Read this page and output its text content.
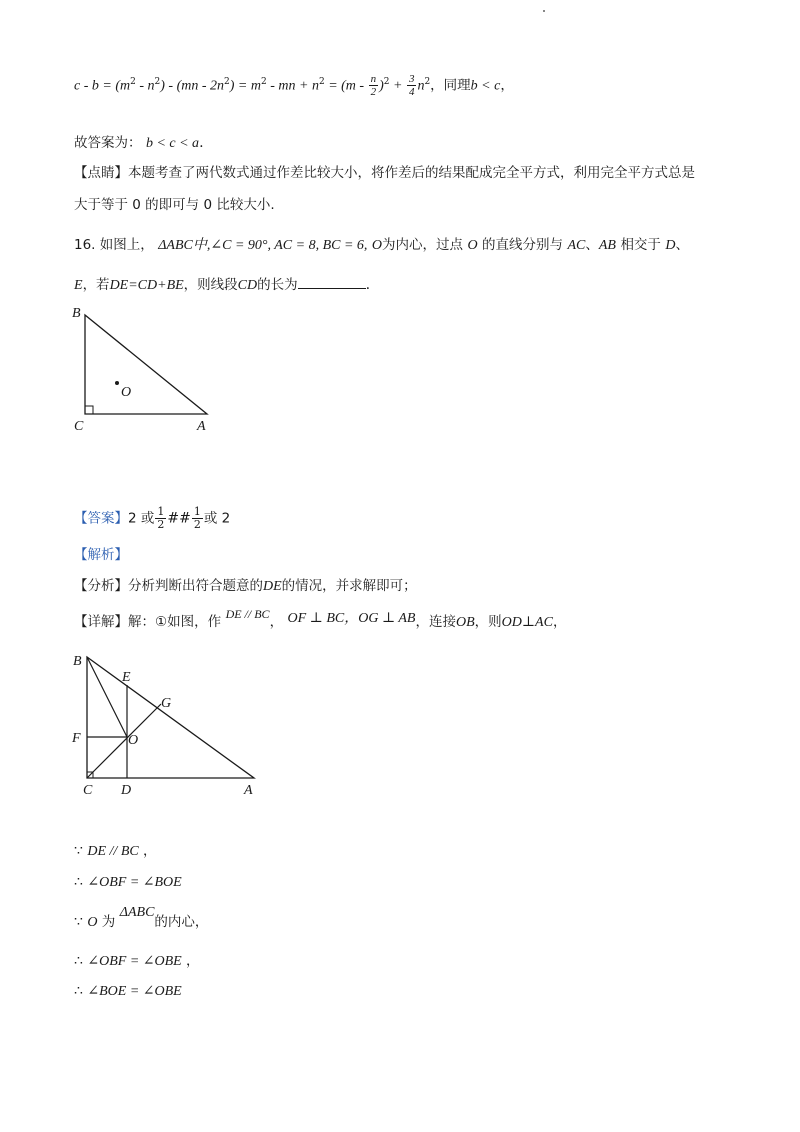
$c - b = (m^2 - n^2) - (mn - 2n^2) = m^2$ - mn + $n^2 = (m - \frac{n}{2} )^2 + \frac{3}{4} n^2$，同理b < c，
故答案为： b < c < a.
【点睛】本题考查了两代数式通过作差比较大小，将作差后的结果配成完全平方式，利用完全平方式总是
大于等于 0 的即可与 0 比较大小.
16. 如图上， ΔABC中,∠C = 90°, AC = 8, BC = 6, O为内心，过点 O 的直线分别与 AC、AB 相交于 D、
E，若DE=CD+BE，则线段CD的长为	.
B
C	A
O
【答案】2 或 $\frac{1}{2}$ ## $\frac{1}{2}$ 或 2
【解析】
【分析】分析判断出符合题意的DE的情况，并求解即可；
【详解】解：①如图，作 DE // BC， OF ⊥ BC，OG ⊥ AB，连接OB，则OD⊥AC，
B
E
G
F	O
C D	A
∵ DE // BC ，
∴ ∠OBF = ∠BOE
∵ O 为 ΔABC的内心，
∴ ∠OBF = ∠OBE ，
∴ ∠BOE = ∠OBE
